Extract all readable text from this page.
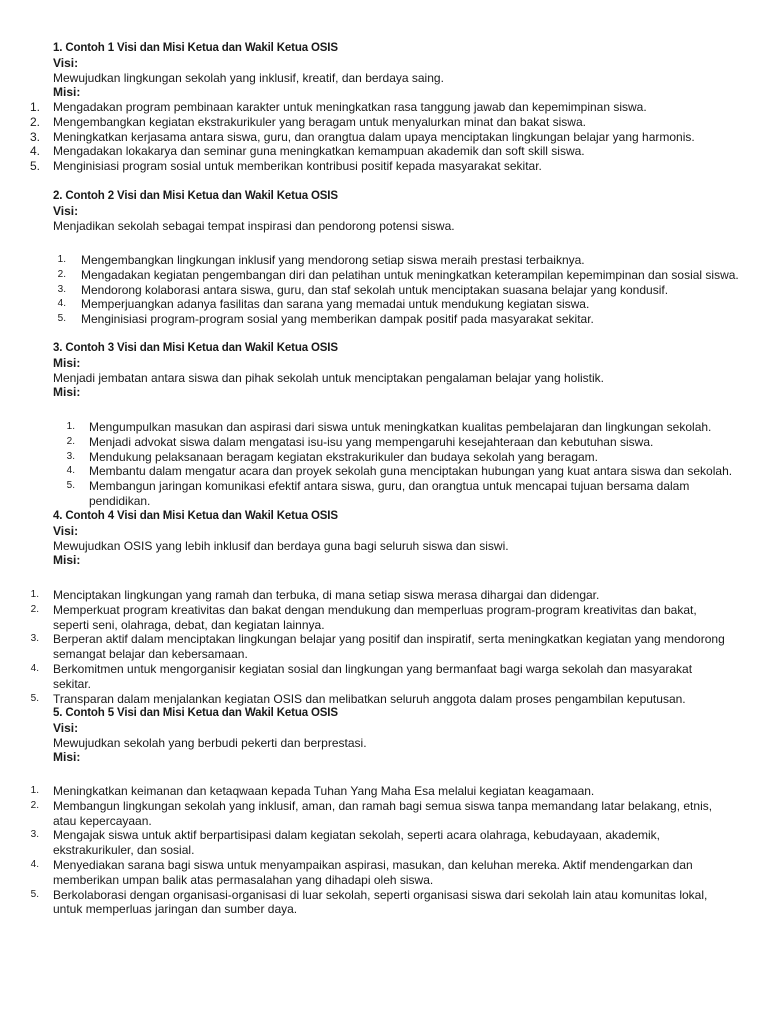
1. Contoh 1 Visi dan Misi Ketua dan Wakil Ketua OSIS
Visi:
Mewujudkan lingkungan sekolah yang inklusif, kreatif, dan berdaya saing.
Misi:
1. Mengadakan program pembinaan karakter untuk meningkatkan rasa tanggung jawab dan kepemimpinan siswa.
2. Mengembangkan kegiatan ekstrakurikuler yang beragam untuk menyalurkan minat dan bakat siswa.
3. Meningkatkan kerjasama antara siswa, guru, dan orangtua dalam upaya menciptakan lingkungan belajar yang harmonis.
4. Mengadakan lokakarya dan seminar guna meningkatkan kemampuan akademik dan soft skill siswa.
5. Menginisiasi program sosial untuk memberikan kontribusi positif kepada masyarakat sekitar.
2. Contoh 2 Visi dan Misi Ketua dan Wakil Ketua OSIS
Visi:
Menjadikan sekolah sebagai tempat inspirasi dan pendorong potensi siswa.
1. Mengembangkan lingkungan inklusif yang mendorong setiap siswa meraih prestasi terbaiknya.
2. Mengadakan kegiatan pengembangan diri dan pelatihan untuk meningkatkan keterampilan kepemimpinan dan sosial siswa.
3. Mendorong kolaborasi antara siswa, guru, dan staf sekolah untuk menciptakan suasana belajar yang kondusif.
4. Memperjuangkan adanya fasilitas dan sarana yang memadai untuk mendukung kegiatan siswa.
5. Menginisiasi program-program sosial yang memberikan dampak positif pada masyarakat sekitar.
3. Contoh 3 Visi dan Misi Ketua dan Wakil Ketua OSIS
Misi:
Menjadi jembatan antara siswa dan pihak sekolah untuk menciptakan pengalaman belajar yang holistik.
Misi:
1. Mengumpulkan masukan dan aspirasi dari siswa untuk meningkatkan kualitas pembelajaran dan lingkungan sekolah.
2. Menjadi advokat siswa dalam mengatasi isu-isu yang mempengaruhi kesejahteraan dan kebutuhan siswa.
3. Mendukung pelaksanaan beragam kegiatan ekstrakurikuler dan budaya sekolah yang beragam.
4. Membantu dalam mengatur acara dan proyek sekolah guna menciptakan hubungan yang kuat antara siswa dan sekolah.
5. Membangun jaringan komunikasi efektif antara siswa, guru, dan orangtua untuk mencapai tujuan bersama dalam pendidikan.
4. Contoh 4 Visi dan Misi Ketua dan Wakil Ketua OSIS
Visi:
Mewujudkan OSIS yang lebih inklusif dan berdaya guna bagi seluruh siswa dan siswi.
Misi:
1. Menciptakan lingkungan yang ramah dan terbuka, di mana setiap siswa merasa dihargai dan didengar.
2. Memperkuat program kreativitas dan bakat dengan mendukung dan memperluas program-program kreativitas dan bakat, seperti seni, olahraga, debat, dan kegiatan lainnya.
3. Berperan aktif dalam menciptakan lingkungan belajar yang positif dan inspiratif, serta meningkatkan kegiatan yang mendorong semangat belajar dan kebersamaan.
4. Berkomitmen untuk mengorganisir kegiatan sosial dan lingkungan yang bermanfaat bagi warga sekolah dan masyarakat sekitar.
5. Transparan dalam menjalankan kegiatan OSIS dan melibatkan seluruh anggota dalam proses pengambilan keputusan.
5. Contoh 5 Visi dan Misi Ketua dan Wakil Ketua OSIS
Visi:
Mewujudkan sekolah yang berbudi pekerti dan berprestasi.
Misi:
1. Meningkatkan keimanan dan ketaqwaan kepada Tuhan Yang Maha Esa melalui kegiatan keagamaan.
2. Membangun lingkungan sekolah yang inklusif, aman, dan ramah bagi semua siswa tanpa memandang latar belakang, etnis, atau kepercayaan.
3. Mengajak siswa untuk aktif berpartisipasi dalam kegiatan sekolah, seperti acara olahraga, kebudayaan, akademik, ekstrakurikuler, dan sosial.
4. Menyediakan sarana bagi siswa untuk menyampaikan aspirasi, masukan, dan keluhan mereka. Aktif mendengarkan dan memberikan umpan balik atas permasalahan yang dihadapi oleh siswa.
5. Berkolaborasi dengan organisasi-organisasi di luar sekolah, seperti organisasi siswa dari sekolah lain atau komunitas lokal, untuk memperluas jaringan dan sumber daya.
